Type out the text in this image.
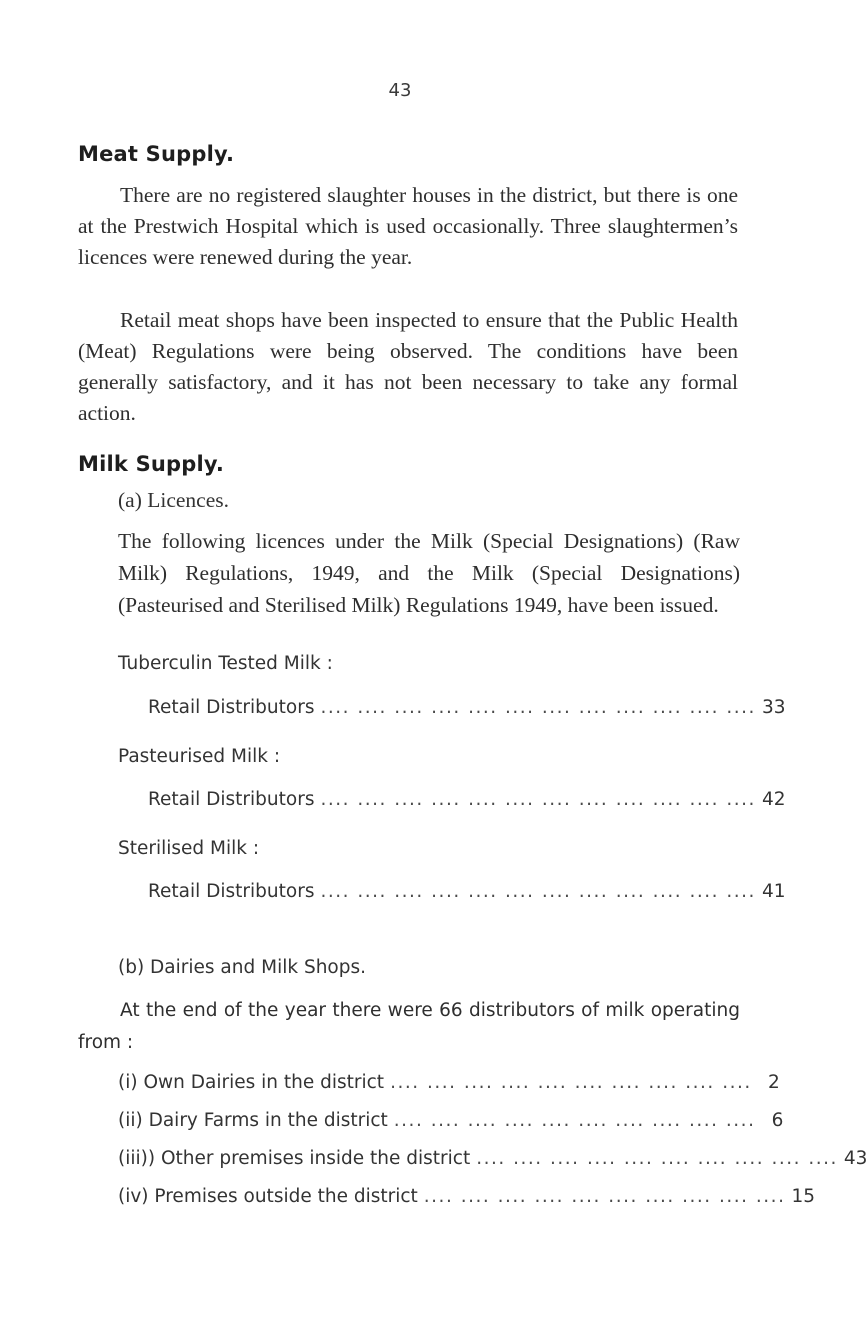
43
Meat Supply.

There are no registered slaughter houses in the district, but there is one at the Prestwich Hospital which is used occasionally. Three slaughtermen’s licences were renewed during the year.

Retail meat shops have been inspected to ensure that the Public Health (Meat) Regulations were being observed. The conditions have been generally satisfactory, and it has not been necessary to take any formal action.

Milk Supply.
(a) Licences.

The following licences under the Milk (Special Designations) (Raw Milk) Regulations, 1949, and the Milk (Special Designations) (Pasteurised and Sterilised Milk) Regulations 1949, have been issued.

Tuberculin Tested Milk :
Retail Distributors .... .... .... .... .... .... .... .... .... .... .... .... 33
Pasteurised Milk :
Retail Distributors .... .... .... .... .... .... .... .... .... .... .... .... 42
Sterilised Milk :
Retail Distributors .... .... .... .... .... .... .... .... .... .... .... .... 41
(b) Dairies and Milk Shops.

At the end of the year there were 66 distributors of milk operating from :

(i) Own Dairies in the district .... .... .... .... .... .... .... .... .... .... 2
(ii) Dairy Farms in the district .... .... .... .... .... .... .... .... .... .... 6
(iii)) Other premises inside the district .... .... .... .... .... .... .... .... .... .... 43
(iv) Premises outside the district .... .... .... .... .... .... .... .... .... .... 15
